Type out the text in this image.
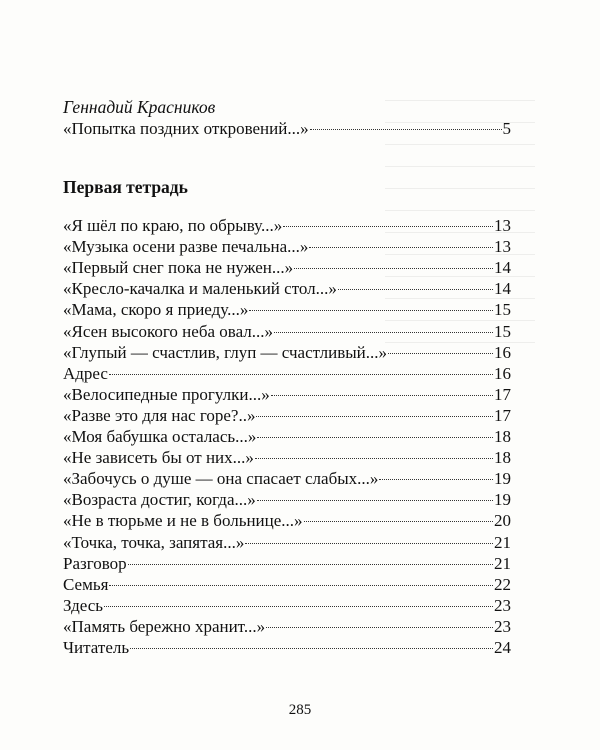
Геннадий Красников
«Попытка поздних откровений...»	5
Первая тетрадь
«Я шёл по краю, по обрыву...»	13
«Музыка осени разве печальна...»	13
«Первый снег пока не нужен...»	14
«Кресло-качалка и маленький стол...»	14
«Мама, скоро я приеду...»	15
«Ясен высокого неба овал...»	15
«Глупый — счастлив, глуп — счастливый...»	16
Адрес	16
«Велосипедные прогулки...»	17
«Разве это для нас горе?..»	17
«Моя бабушка осталась...»	18
«Не зависеть бы от них...»	18
«Забочусь о душе — она спасает слабых...»	19
«Возраста достиг, когда...»	19
«Не в тюрьме и не в больнице...»	20
«Точка, точка, запятая...»	21
Разговор	21
Семья	22
Здесь	23
«Память бережно хранит...»	23
Читатель	24
285
